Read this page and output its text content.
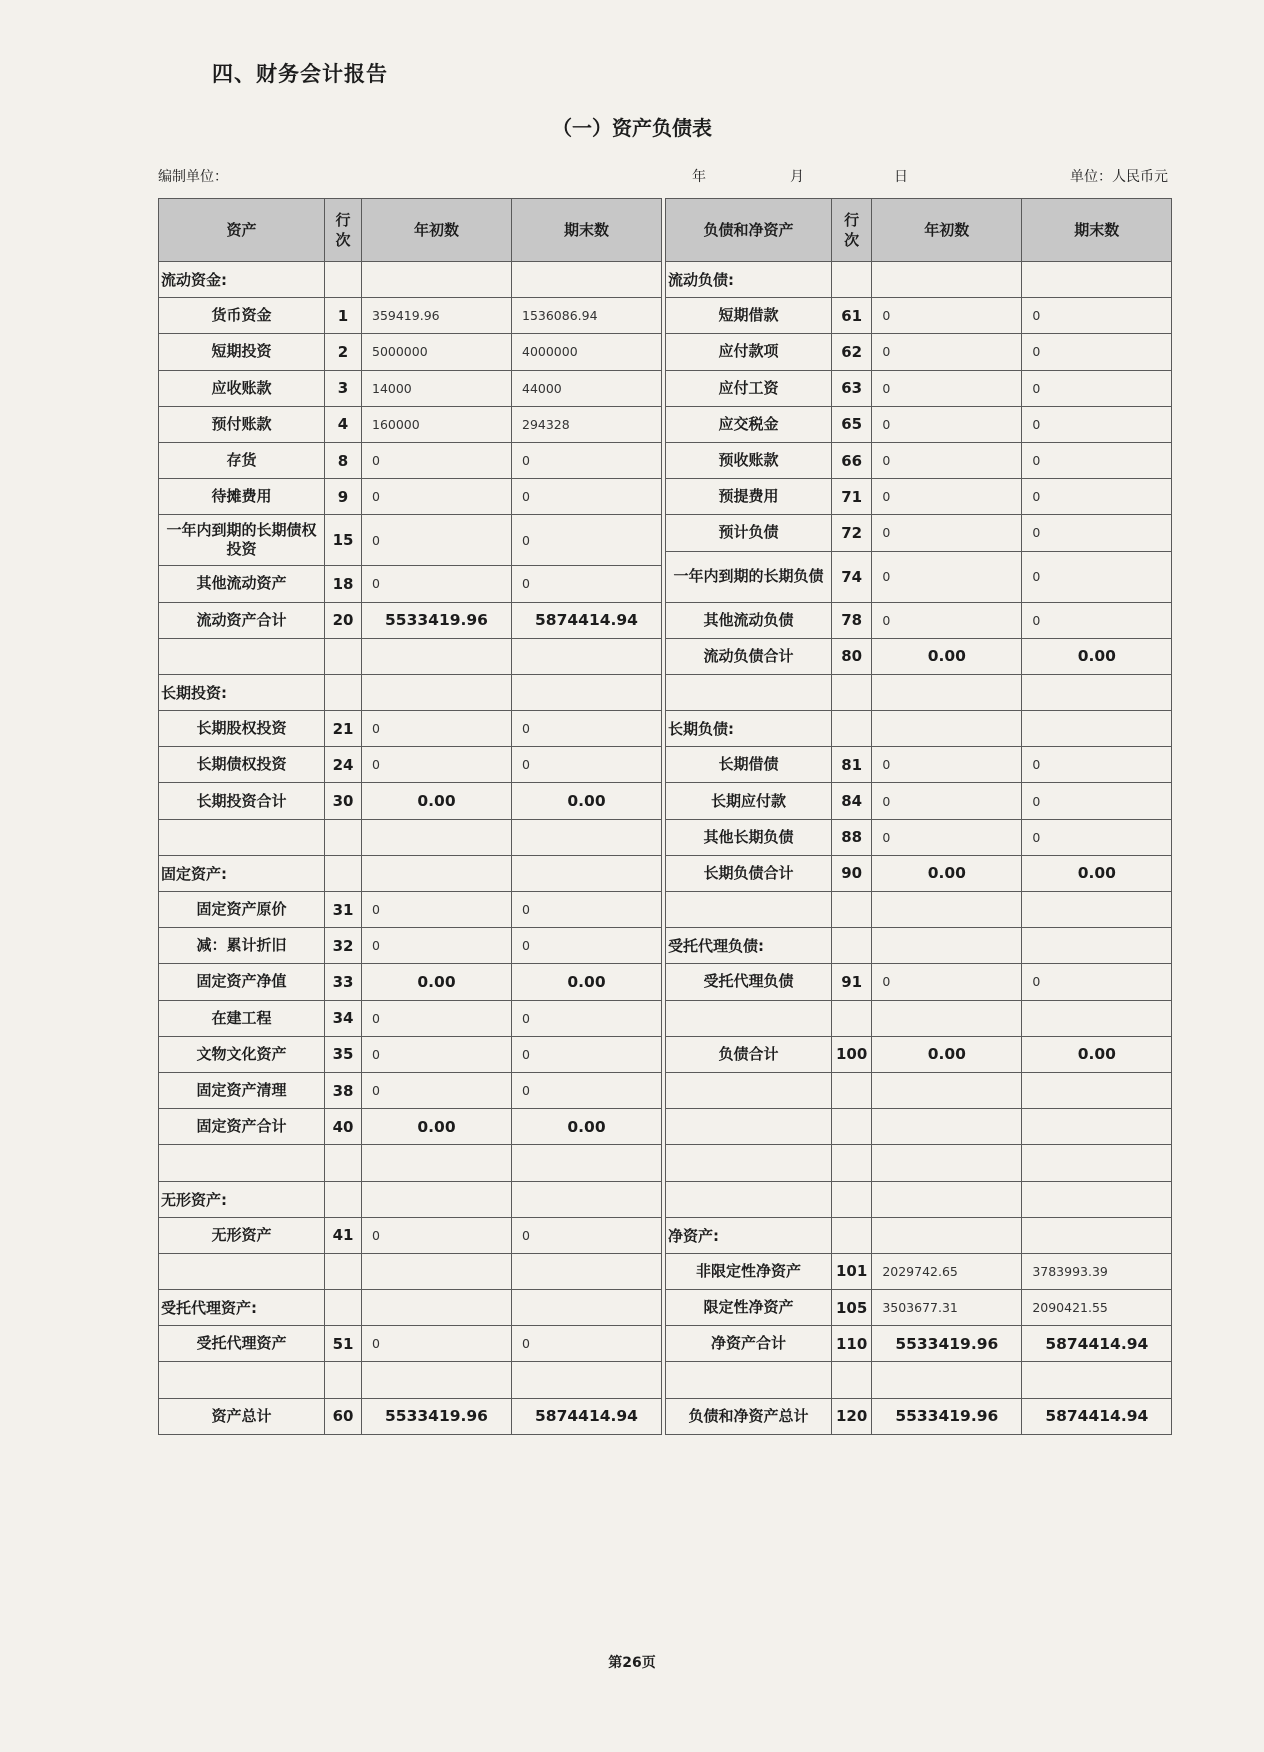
四、财务会计报告
（一）资产负债表
编制单位：	年	月	日	单位：人民币元
资产	行次	年初数	期末数
流动资金:			
货币资金	1	359419.96	1536086.94
短期投资	2	5000000	4000000
应收账款	3	14000	44000
预付账款	4	160000	294328
存货	8	0	0
待摊费用	9	0	0
一年内到期的长期债权投资	15	0	0
其他流动资产	18	0	0
流动资产合计	20	5533419.96	5874414.94

长期投资:			
长期股权投资	21	0	0
长期债权投资	24	0	0
长期投资合计	30	0.00	0.00

固定资产:			
固定资产原价	31	0	0
减：累计折旧	32	0	0
固定资产净值	33	0.00	0.00
在建工程	34	0	0
文物文化资产	35	0	0
固定资产清理	38	0	0
固定资产合计	40	0.00	0.00

无形资产:			
无形资产	41	0	0

受托代理资产:			
受托代理资产	51	0	0

资产总计	60	5533419.96	5874414.94
负债和净资产	行次	年初数	期末数
流动负债:			
短期借款	61	0	0
应付款项	62	0	0
应付工资	63	0	0
应交税金	65	0	0
预收账款	66	0	0
预提费用	71	0	0
预计负债	72	0	0
一年内到期的长期负债	74	0	0
其他流动负债	78	0	0
流动负债合计	80	0.00	0.00

长期负债:			
长期借债	81	0	0
长期应付款	84	0	0
其他长期负债	88	0	0
长期负债合计	90	0.00	0.00

受托代理负债:			
受托代理负债	91	0	0

负债合计	100	0.00	0.00

净资产:			
非限定性净资产	101	2029742.65	3783993.39
限定性净资产	105	3503677.31	2090421.55
净资产合计	110	5533419.96	5874414.94

负债和净资产总计	120	5533419.96	5874414.94
第26页
